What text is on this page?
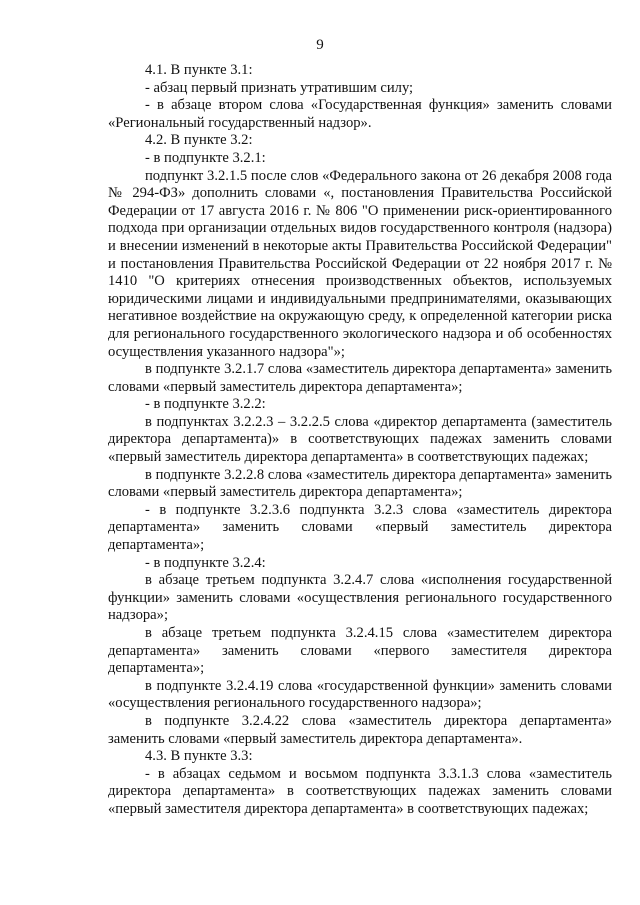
9

4.1. В пункте 3.1:

- абзац первый признать утратившим силу;

- в абзаце втором слова «Государственная функция» заменить словами «Региональный государственный надзор».

4.2. В пункте 3.2:

- в подпункте 3.2.1:

подпункт 3.2.1.5 после слов «Федерального закона от 26 декабря 2008 года № 294-ФЗ» дополнить словами «, постановления Правительства Российской Федерации от 17 августа 2016 г. № 806 "О применении риск-ориентированного подхода при организации отдельных видов государственного контроля (надзора) и внесении изменений в некоторые акты Правительства Российской Федерации" и постановления Правительства Российской Федерации от 22 ноября 2017 г. № 1410 "О критериях отнесения производственных объектов, используемых юридическими лицами и индивидуальными предпринимателями, оказывающих негативное воздействие на окружающую среду, к определенной категории риска для регионального государственного экологического надзора и об особенностях осуществления указанного надзора"»;

в подпункте 3.2.1.7 слова «заместитель директора департамента» заменить словами «первый заместитель директора департамента»;

- в подпункте 3.2.2:

в подпунктах 3.2.2.3 – 3.2.2.5 слова «директор департамента (заместитель директора департамента)» в соответствующих падежах заменить словами «первый заместитель директора департамента» в соответствующих падежах;

в подпункте 3.2.2.8 слова «заместитель директора департамента» заменить словами «первый заместитель директора департамента»;

- в подпункте 3.2.3.6 подпункта 3.2.3 слова «заместитель директора департамента» заменить словами «первый заместитель директора департамента»;

- в подпункте 3.2.4:

в абзаце третьем подпункта 3.2.4.7 слова «исполнения государственной функции» заменить словами «осуществления регионального государственного надзора»;

в абзаце третьем подпункта 3.2.4.15 слова «заместителем директора департамента» заменить словами «первого заместителя директора департамента»;

в подпункте 3.2.4.19 слова «государственной функции» заменить словами «осуществления регионального государственного надзора»;

в подпункте 3.2.4.22 слова «заместитель директора департамента» заменить словами «первый заместитель директора департамента».

4.3. В пункте 3.3:

- в абзацах седьмом и восьмом подпункта 3.3.1.3 слова «заместитель директора департамента» в соответствующих падежах заменить словами «первый заместителя директора департамента» в соответствующих падежах;
